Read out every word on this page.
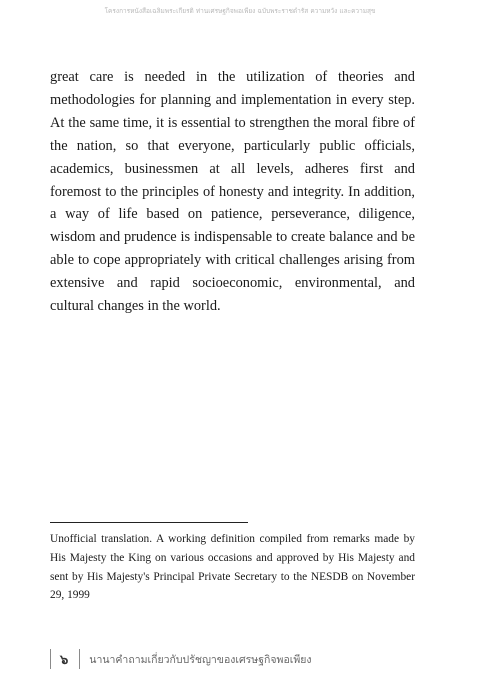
โครงการหนังสือเฉลิมพระเกียรติ ท่านเศรษฐกิจพอเพียง ฉบับพระราชดำรัส ความหวัง และความสุข

great care is needed in the utilization of theories and methodologies for planning and implementation in every step. At the same time, it is essential to strengthen the moral fibre of the nation, so that everyone, particularly public officials, academics, businessmen at all levels, adheres first and foremost to the principles of honesty and integrity. In addition, a way of life based on patience, perseverance, diligence, wisdom and prudence is indispensable to create balance and be able to cope appropriately with critical challenges arising from extensive and rapid socioeconomic, environmental, and cultural changes in the world.

Unofficial translation. A working definition compiled from remarks made by His Majesty the King on various occasions and approved by His Majesty and sent by His Majesty's Principal Private Secretary to the NESDB on November 29, 1999

๖	นานาคำถามเกี่ยวกับปรัชญาของเศรษฐกิจพอเพียง
